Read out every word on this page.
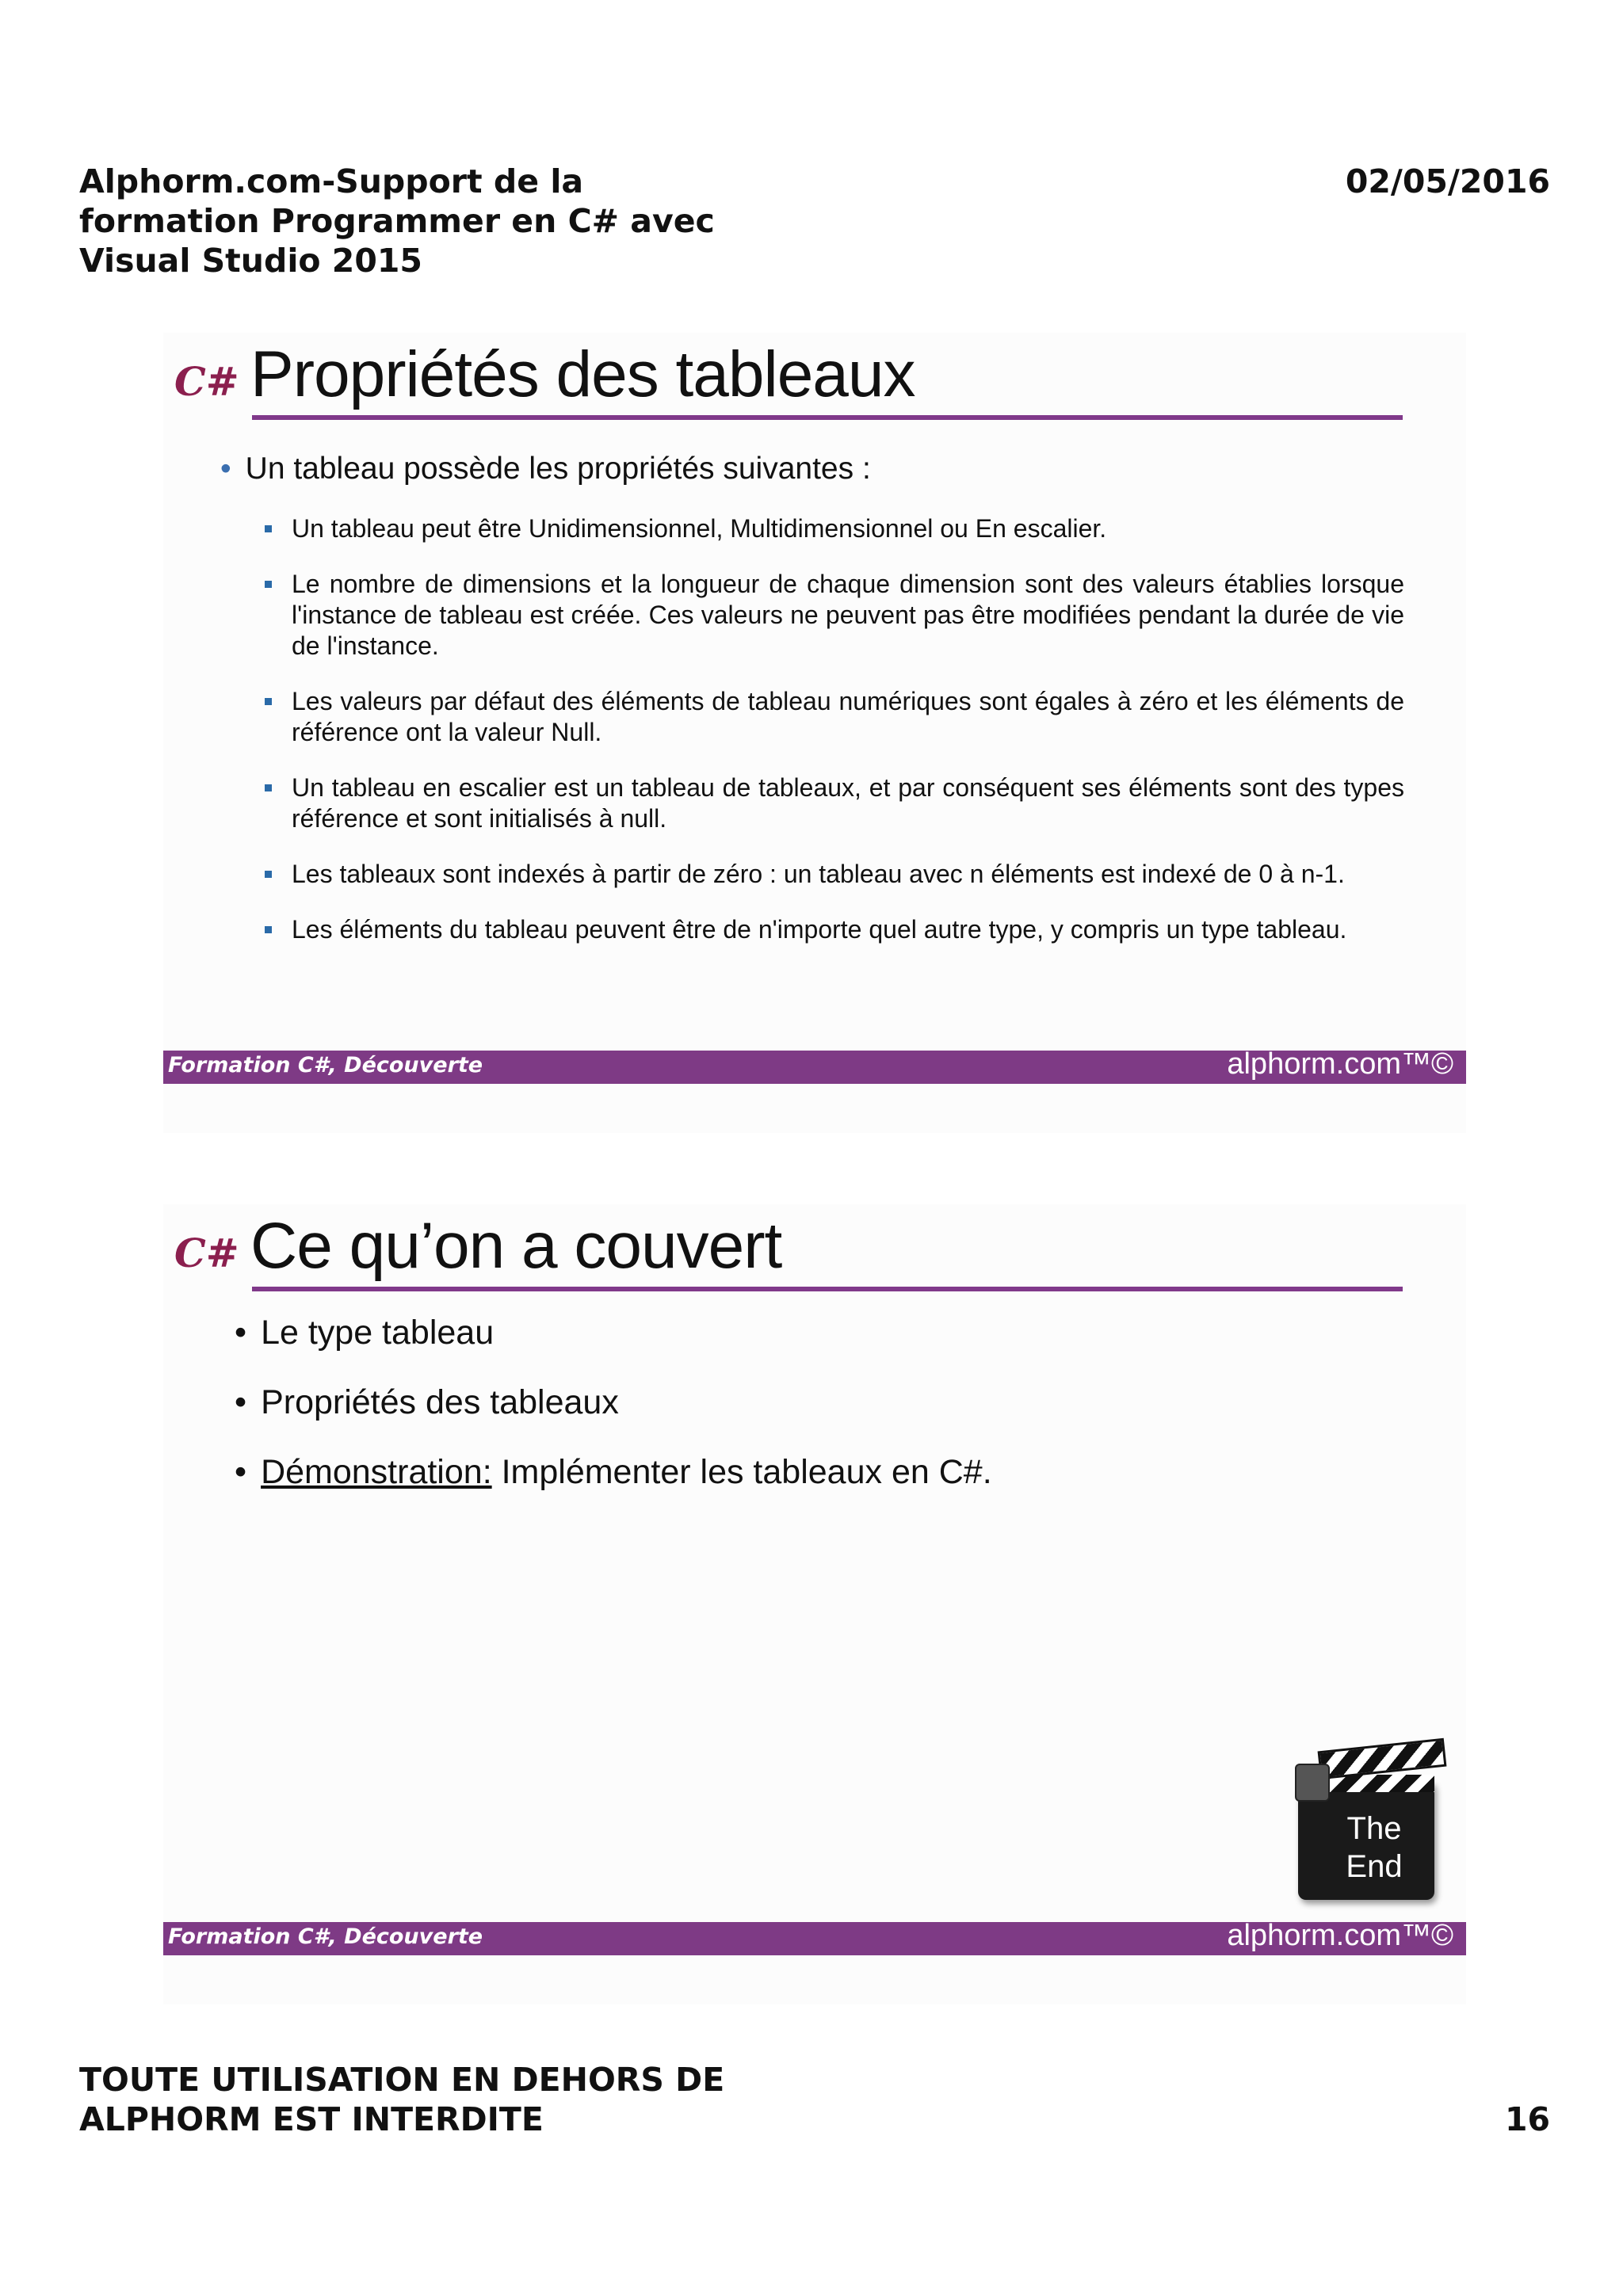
Alphorm.com-Support de la formation Programmer en C# avec Visual Studio 2015
02/05/2016
C# Propriétés des tableaux
• Un tableau possède les propriétés suivantes :
Un tableau peut être Unidimensionnel, Multidimensionnel ou En escalier.
Le nombre de dimensions et la longueur de chaque dimension sont des valeurs établies lorsque l'instance de tableau est créée. Ces valeurs ne peuvent pas être modifiées pendant la durée de vie de l'instance.
Les valeurs par défaut des éléments de tableau numériques sont égales à zéro et les éléments de référence ont la valeur Null.
Un tableau en escalier est un tableau de tableaux, et par conséquent ses éléments sont des types référence et sont initialisés à null.
Les tableaux sont indexés à partir de zéro : un tableau avec n éléments est indexé de 0 à n-1.
Les éléments du tableau peuvent être de n'importe quel autre type, y compris un type tableau.
Formation C#, Découverte	alphorm.com™©
C# Ce qu’on a couvert
• Le type tableau
• Propriétés des tableaux
• Démonstration: Implémenter les tableaux en C#.
The
End
Formation C#, Découverte	alphorm.com™©
TOUTE UTILISATION EN DEHORS DE ALPHORM EST INTERDITE	16
